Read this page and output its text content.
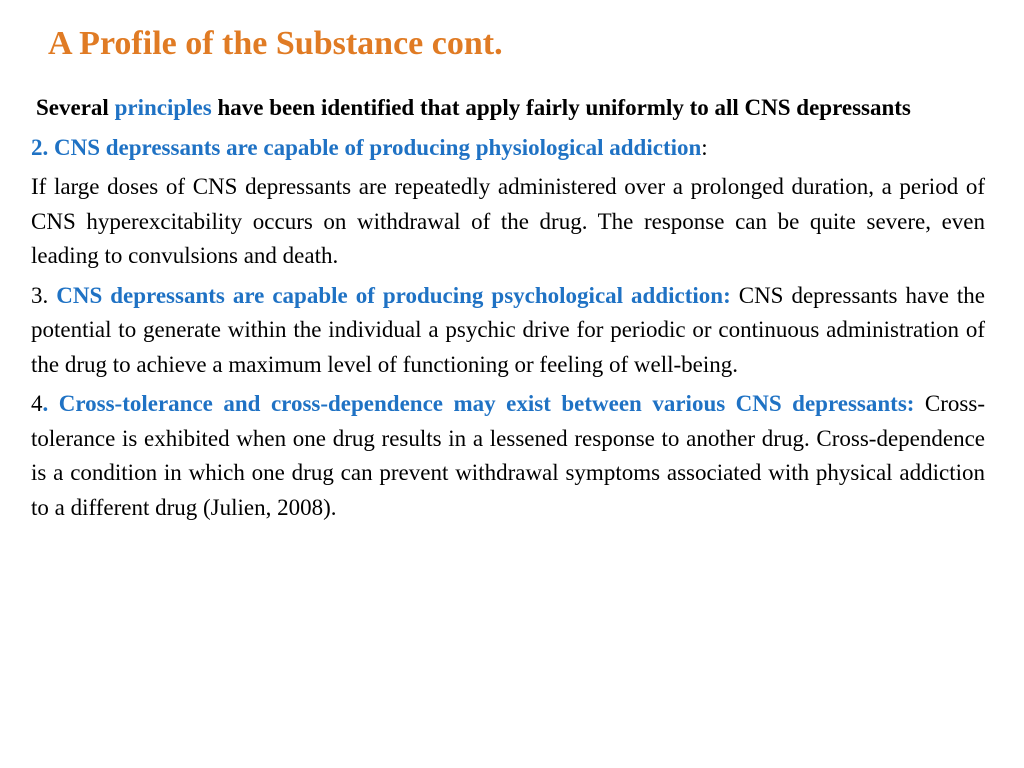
A Profile of the Substance cont.

Several principles have been identified that apply fairly uniformly to all CNS depressants

2. CNS depressants are capable of producing physiological addiction:

If large doses of CNS depressants are repeatedly administered over a prolonged duration, a period of CNS hyperexcitability occurs on withdrawal of the drug. The response can be quite severe, even leading to convulsions and death.

3. CNS depressants are capable of producing psychological addiction: CNS depressants have the potential to generate within the individual a psychic drive for periodic or continuous administration of the drug to achieve a maximum level of functioning or feeling of well-being.

4. Cross-tolerance and cross-dependence may exist between various CNS depressants: Cross-tolerance is exhibited when one drug results in a lessened response to another drug. Cross-dependence is a condition in which one drug can prevent withdrawal symptoms associated with physical addiction to a different drug (Julien, 2008).
